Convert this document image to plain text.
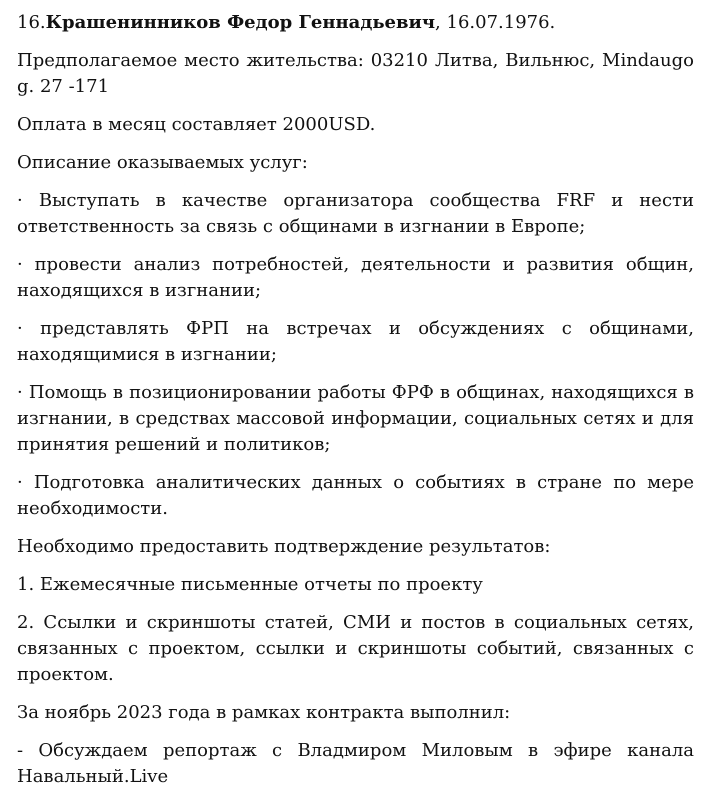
16.Крашенинников Федор Геннадьевич, 16.07.1976.

Предполагаемое место жительства: 03210 Литва, Вильнюс, Mindaugo g. 27 -171

Оплата в месяц составляет 2000USD.

Описание оказываемых услуг:

· Выступать в качестве организатора сообщества FRF и нести ответственность за связь с общинами в изгнании в Европе;

· провести анализ потребностей, деятельности и развития общин, находящихся в изгнании;

· представлять ФРП на встречах и обсуждениях с общинами, находящимися в изгнании;

· Помощь в позиционировании работы ФРФ в общинах, находящихся в изгнании, в средствах массовой информации, социальных сетях и для принятия решений и политиков;

· Подготовка аналитических данных о событиях в стране по мере необходимости.

Необходимо предоставить подтверждение результатов:

1. Ежемесячные письменные отчеты по проекту

2. Ссылки и скриншоты статей, СМИ и постов в социальных сетях, связанных с проектом, ссылки и скриншоты событий, связанных с проектом.

За ноябрь 2023 года в рамках контракта выполнил:

- Обсуждаем репортаж с Владмиром Миловым в эфире канала Навальный.Live
